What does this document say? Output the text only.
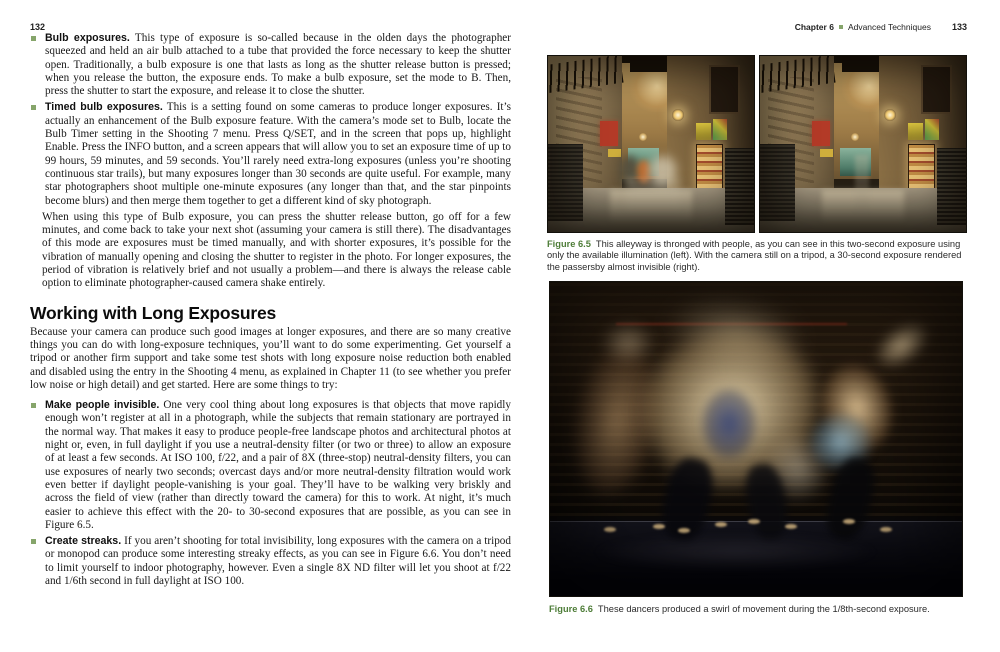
132
Bulb exposures. This type of exposure is so-called because in the olden days the photographer squeezed and held an air bulb attached to a tube that provided the force necessary to keep the shutter open. Traditionally, a bulb exposure is one that lasts as long as the shutter release button is pressed; when you release the button, the exposure ends. To make a bulb exposure, set the mode to B. Then, press the shutter to start the exposure, and release it to close the shutter.
Timed bulb exposures. This is a setting found on some cameras to produce longer exposures. It’s actually an enhancement of the Bulb exposure feature. With the camera’s mode set to Bulb, locate the Bulb Timer setting in the Shooting 7 menu. Press Q/SET, and in the screen that pops up, highlight Enable. Press the INFO button, and a screen appears that will allow you to set an exposure time of up to 99 hours, 59 minutes, and 59 seconds. You’ll rarely need extra-long exposures (unless you’re shooting continuous star trails), but many exposures longer than 30 seconds are quite useful. For example, many star photographers shoot multiple one-minute exposures (any longer than that, and the star pinpoints become blurs) and then merge them together to get a different kind of sky photograph.

When using this type of Bulb exposure, you can press the shutter release button, go off for a few minutes, and come back to take your next shot (assuming your camera is still there). The disadvantages of this mode are exposures must be timed manually, and with shorter exposures, it’s possible for the vibration of manually opening and closing the shutter to register in the photo. For longer exposures, the period of vibration is relatively brief and not usually a problem—and there is always the release cable option to eliminate photographer-caused camera shake entirely.

Working with Long Exposures

Because your camera can produce such good images at longer exposures, and there are so many creative things you can do with long-exposure techniques, you’ll want to do some experimenting. Get yourself a tripod or another firm support and take some test shots with long exposure noise reduction both enabled and disabled using the entry in the Shooting 4 menu, as explained in Chapter 11 (to see whether you prefer low noise or high detail) and get started. Here are some things to try:

Make people invisible. One very cool thing about long exposures is that objects that move rapidly enough won’t register at all in a photograph, while the subjects that remain stationary are portrayed in the normal way. That makes it easy to produce people-free landscape photos and architectural photos at night or, even, in full daylight if you use a neutral-density filter (or two or three) to allow an exposure of at least a few seconds. At ISO 100, f/22, and a pair of 8X (three-stop) neutral-density filters, you can use exposures of nearly two seconds; overcast days and/or more neutral-density filtration would work even better if daylight people-vanishing is your goal. They’ll have to be walking very briskly and across the field of view (rather than directly toward the camera) for this to work. At night, it’s much easier to achieve this effect with the 20- to 30-second exposures that are possible, as you can see in Figure 6.5.
Create streaks. If you aren’t shooting for total invisibility, long exposures with the camera on a tripod or monopod can produce some interesting streaky effects, as you can see in Figure 6.6. You don’t need to limit yourself to indoor photography, however. Even a single 8X ND filter will let you shoot at f/22 and 1/6th second in full daylight at ISO 100.
Chapter 6 Advanced Techniques 133
Figure 6.5 This alleyway is thronged with people, as you can see in this two-second exposure using only the available illumination (left). With the camera still on a tripod, a 30-second exposure rendered the passersby almost invisible (right).
Figure 6.6 These dancers produced a swirl of movement during the 1/8th-second exposure.
